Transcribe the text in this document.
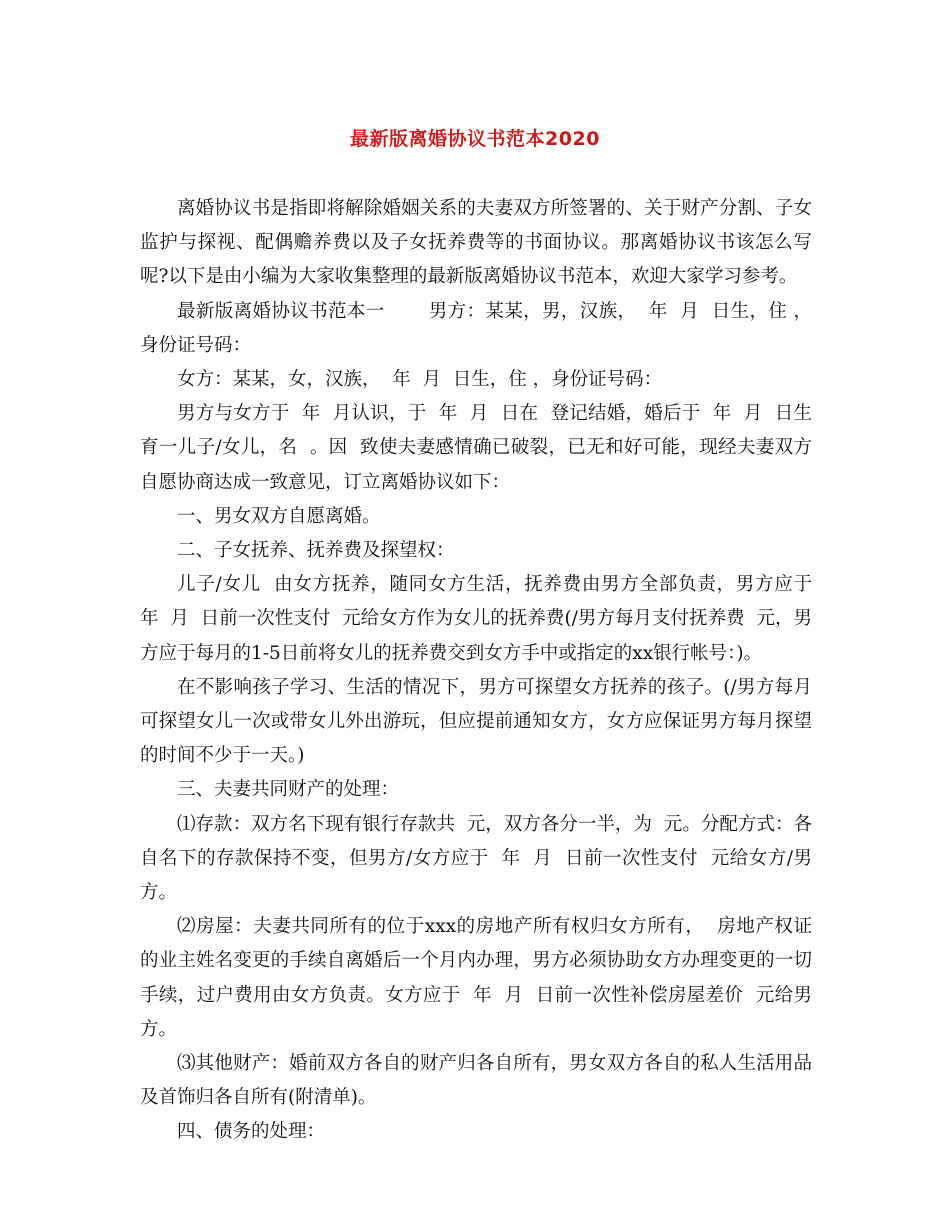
最新版离婚协议书范本2020

离婚协议书是指即将解除婚姻关系的夫妻双方所签署的、关于财产分割、子女监护与探视、配偶赡养费以及子女抚养费等的书面协议。那离婚协议书该怎么写呢?以下是由小编为大家收集整理的最新版离婚协议书范本，欢迎大家学习参考。

最新版离婚协议书范本一　　 男方：某某，男，汉族，  年  月  日生，住 ，身份证号码：

女方：某某，女，汉族，  年  月  日生，住 ，身份证号码：

男方与女方于  年  月认识，于  年  月  日在  登记结婚，婚后于  年  月  日生育一儿子/女儿，名  。因  致使夫妻感情确已破裂，已无和好可能，现经夫妻双方自愿协商达成一致意见，订立离婚协议如下：

一、男女双方自愿离婚。

二、子女抚养、抚养费及探望权：

儿子/女儿  由女方抚养，随同女方生活，抚养费由男方全部负责，男方应于  年  月  日前一次性支付  元给女方作为女儿的抚养费(/男方每月支付抚养费  元，男方应于每月的1-5日前将女儿的抚养费交到女方手中或指定的xx银行帐号：)。

在不影响孩子学习、生活的情况下，男方可探望女方抚养的孩子。(/男方每月可探望女儿一次或带女儿外出游玩，但应提前通知女方，女方应保证男方每月探望的时间不少于一天。)

三、夫妻共同财产的处理：

⑴存款：双方名下现有银行存款共  元，双方各分一半，为  元。分配方式：各自名下的存款保持不变，但男方/女方应于  年  月  日前一次性支付  元给女方/男方。

⑵房屋：夫妻共同所有的位于xxx的房地产所有权归女方所有，  房地产权证的业主姓名变更的手续自离婚后一个月内办理，男方必须协助女方办理变更的一切手续，过户费用由女方负责。女方应于  年  月  日前一次性补偿房屋差价  元给男方。

⑶其他财产：婚前双方各自的财产归各自所有，男女双方各自的私人生活用品及首饰归各自所有(附清单)。

四、债务的处理：
